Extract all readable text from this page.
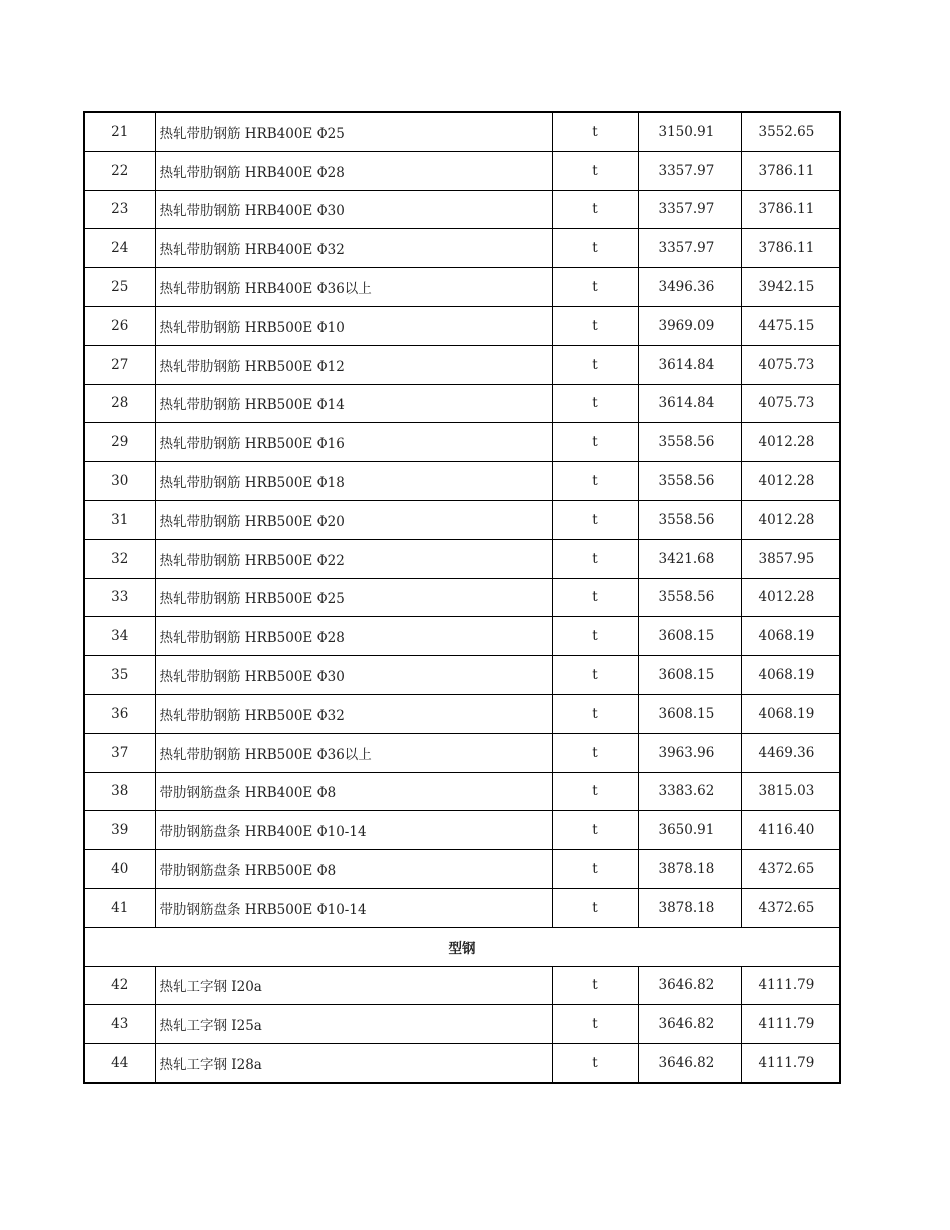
21	热轧带肋钢筋 HRB400E Φ25	t	3150.91	3552.65
22	热轧带肋钢筋 HRB400E Φ28	t	3357.97	3786.11
23	热轧带肋钢筋 HRB400E Φ30	t	3357.97	3786.11
24	热轧带肋钢筋 HRB400E Φ32	t	3357.97	3786.11
25	热轧带肋钢筋 HRB400E Φ36以上	t	3496.36	3942.15
26	热轧带肋钢筋 HRB500E Φ10	t	3969.09	4475.15
27	热轧带肋钢筋 HRB500E Φ12	t	3614.84	4075.73
28	热轧带肋钢筋 HRB500E Φ14	t	3614.84	4075.73
29	热轧带肋钢筋 HRB500E Φ16	t	3558.56	4012.28
30	热轧带肋钢筋 HRB500E Φ18	t	3558.56	4012.28
31	热轧带肋钢筋 HRB500E Φ20	t	3558.56	4012.28
32	热轧带肋钢筋 HRB500E Φ22	t	3421.68	3857.95
33	热轧带肋钢筋 HRB500E Φ25	t	3558.56	4012.28
34	热轧带肋钢筋 HRB500E Φ28	t	3608.15	4068.19
35	热轧带肋钢筋 HRB500E Φ30	t	3608.15	4068.19
36	热轧带肋钢筋 HRB500E Φ32	t	3608.15	4068.19
37	热轧带肋钢筋 HRB500E Φ36以上	t	3963.96	4469.36
38	带肋钢筋盘条 HRB400E Φ8	t	3383.62	3815.03
39	带肋钢筋盘条 HRB400E Φ10-14	t	3650.91	4116.40
40	带肋钢筋盘条 HRB500E Φ8	t	3878.18	4372.65
41	带肋钢筋盘条 HRB500E Φ10-14	t	3878.18	4372.65
型钢				
42	热轧工字钢 I20a	t	3646.82	4111.79
43	热轧工字钢 I25a	t	3646.82	4111.79
44	热轧工字钢 I28a	t	3646.82	4111.79
